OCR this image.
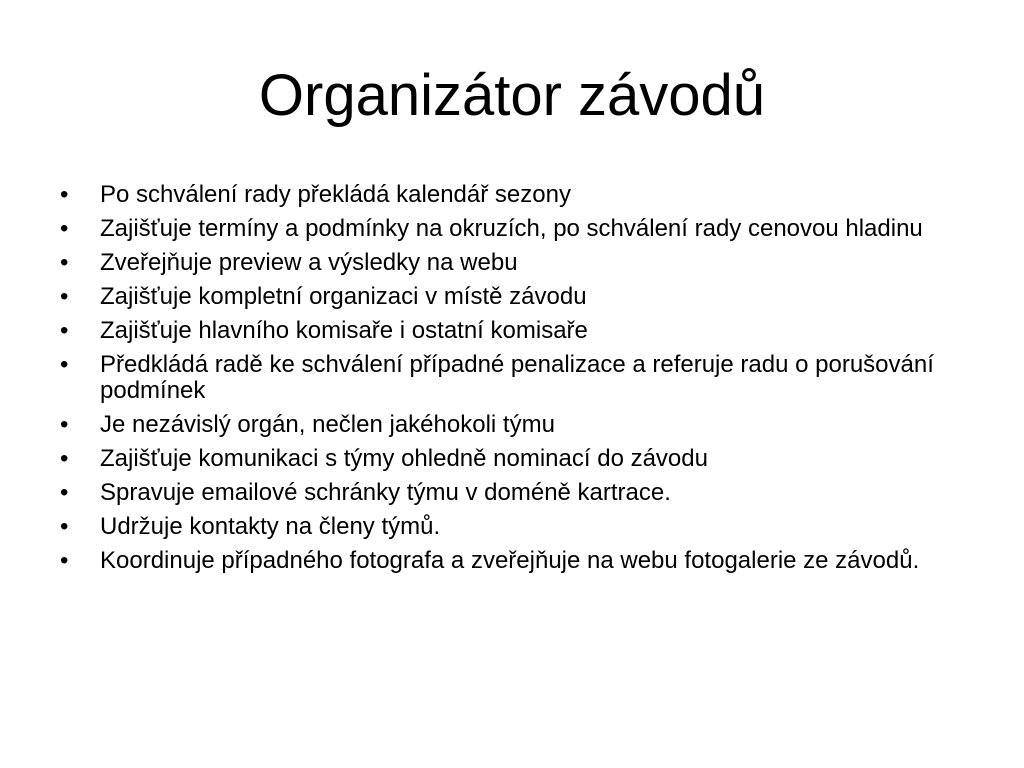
Organizátor závodů
•	Po schválení rady překládá kalendář sezony
•	Zajišťuje termíny a podmínky na okruzích, po schválení rady cenovou hladinu
•	Zveřejňuje preview a výsledky na webu
•	Zajišťuje kompletní organizaci v místě závodu
•	Zajišťuje hlavního komisaře i ostatní komisaře
•	Předkládá radě ke schválení případné penalizace a referuje radu o porušování podmínek
•	Je nezávislý orgán, nečlen jakéhokoli týmu
•	Zajišťuje komunikaci s týmy ohledně nominací do závodu
•	Spravuje emailové schránky týmu v doméně kartrace.
•	Udržuje kontakty na členy týmů.
•	Koordinuje případného fotografa a zveřejňuje na webu fotogalerie ze závodů.
